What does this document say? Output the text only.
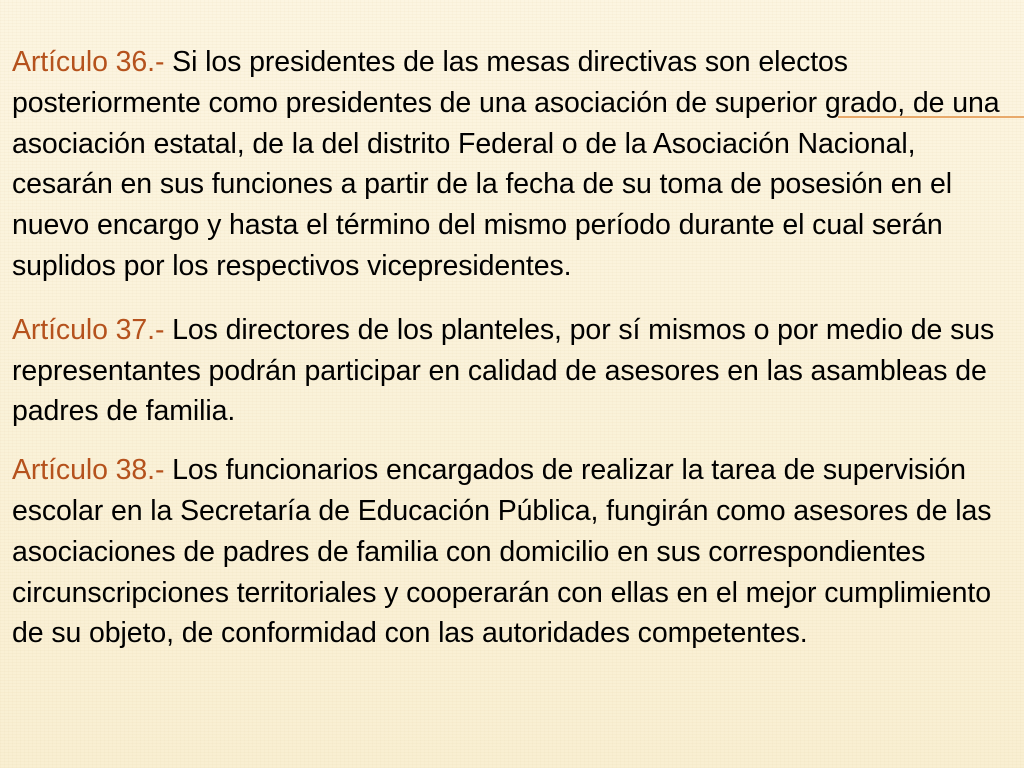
Artículo 36.- Si los presidentes de las mesas directivas son electos posteriormente como presidentes de una asociación de superior grado, de una asociación estatal, de la del distrito Federal o de la Asociación Nacional, cesarán en sus funciones a partir de la fecha de su toma de posesión en el nuevo encargo y hasta el término del mismo período durante el cual serán suplidos por los respectivos vicepresidentes.

Artículo 37.- Los directores de los planteles, por sí mismos o por medio de sus representantes podrán participar en calidad de asesores en las asambleas de padres de familia.

Artículo 38.- Los funcionarios encargados de realizar la tarea de supervisión escolar en la Secretaría de Educación Pública, fungirán como asesores de las asociaciones de padres de familia con domicilio en sus correspondientes circunscripciones territoriales y cooperarán con ellas en el mejor cumplimiento de su objeto, de conformidad con las autoridades competentes.
